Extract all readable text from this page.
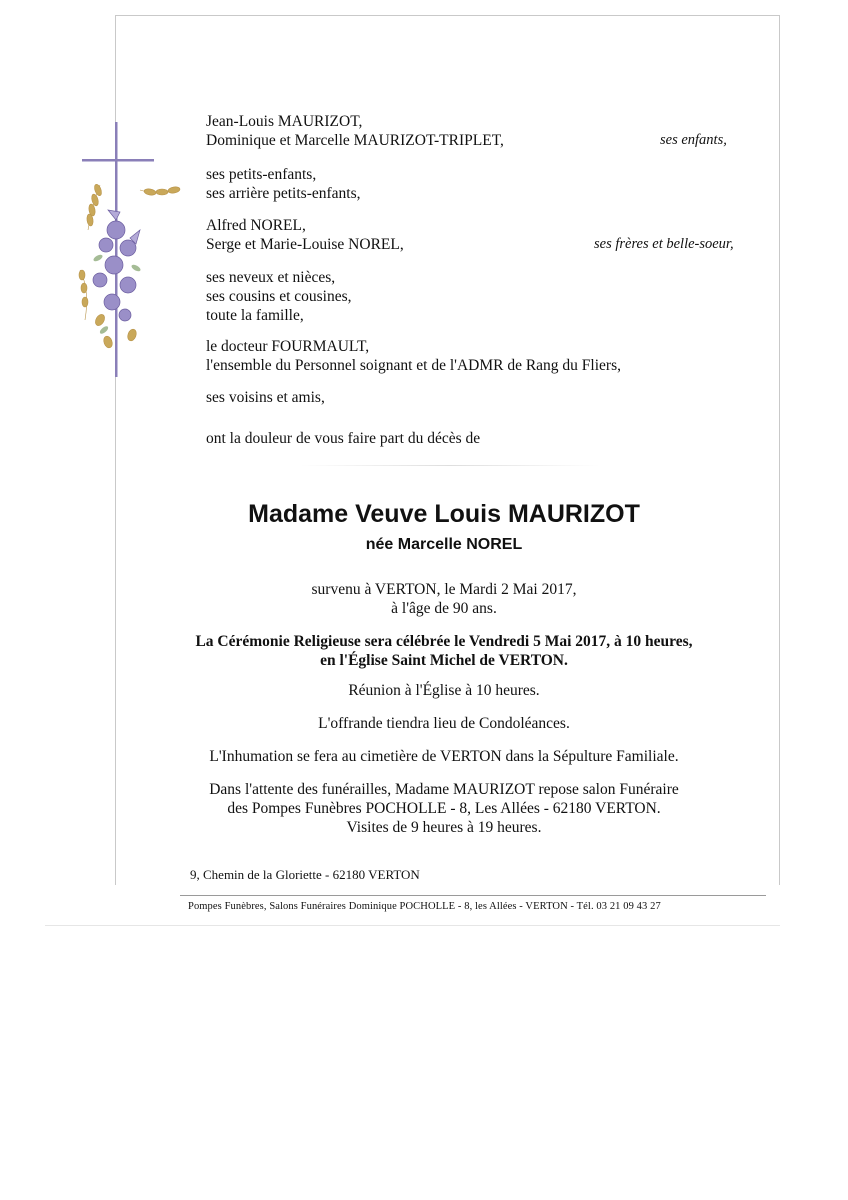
Jean-Louis MAURIZOT,
Dominique et Marcelle MAURIZOT-TRIPLET,	ses enfants,
ses petits-enfants,
ses arrière petits-enfants,
Alfred NOREL,
Serge et Marie-Louise NOREL,	ses frères et belle-soeur,
ses neveux et nièces,
ses cousins et cousines,
toute la famille,
le docteur FOURMAULT,
l'ensemble du Personnel soignant et de l'ADMR de Rang du Fliers,
ses voisins et amis,
ont la douleur de vous faire part du décès de
Madame Veuve Louis MAURIZOT
née Marcelle NOREL
survenu à VERTON, le Mardi 2 Mai 2017,
à l'âge de 90 ans.
La Cérémonie Religieuse sera célébrée le Vendredi 5 Mai 2017, à 10 heures,
en l'Église Saint Michel de VERTON.
Réunion à l'Église à 10 heures.
L'offrande tiendra lieu de Condoléances.
L'Inhumation se fera au cimetière de VERTON dans la Sépulture Familiale.
Dans l'attente des funérailles, Madame MAURIZOT repose salon Funéraire
des Pompes Funèbres POCHOLLE - 8, Les Allées - 62180 VERTON.
Visites de 9 heures à 19 heures.
9, Chemin de la Gloriette - 62180 VERTON
Pompes Funèbres, Salons Funéraires Dominique POCHOLLE - 8, les Allées - VERTON - Tél. 03 21 09 43 27
